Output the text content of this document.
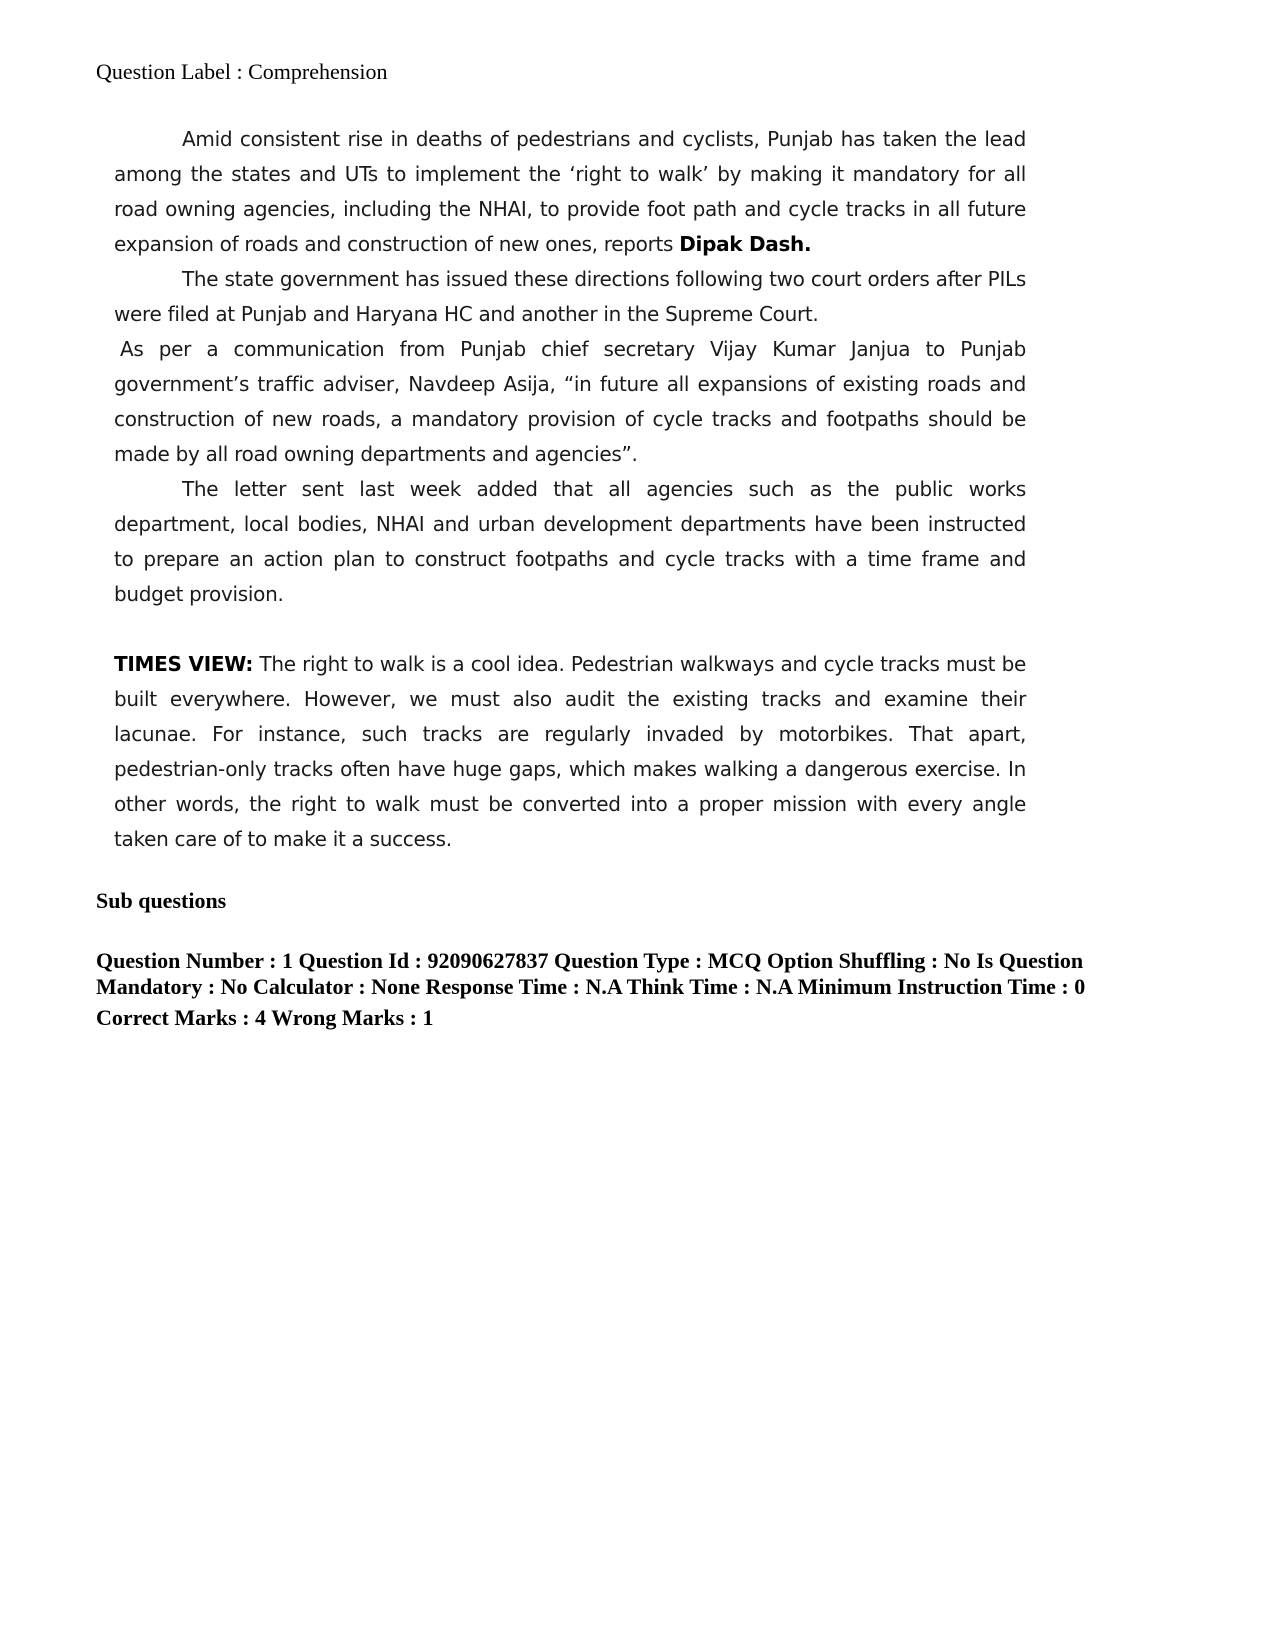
Question Label : Comprehension

Amid consistent rise in deaths of pedestrians and cyclists, Punjab has taken the lead among the states and UTs to implement the ‘right to walk’ by making it mandatory for all road owning agencies, including the NHAI, to provide foot path and cycle tracks in all future expansion of roads and construction of new ones, reports Dipak Dash.

The state government has issued these directions following two court orders after PILs were filed at Punjab and Haryana HC and another in the Supreme Court.

As per a communication from Punjab chief secretary Vijay Kumar Janjua to Punjab government’s traffic adviser, Navdeep Asija, “in future all expansions of existing roads and construction of new roads, a mandatory provision of cycle tracks and footpaths should be made by all road owning departments and agencies”.

The letter sent last week added that all agencies such as the public works department, local bodies, NHAI and urban development departments have been instructed to prepare an action plan to construct footpaths and cycle tracks with a time frame and budget provision.

TIMES VIEW: The right to walk is a cool idea. Pedestrian walkways and cycle tracks must be built everywhere. However, we must also audit the existing tracks and examine their lacunae. For instance, such tracks are regularly invaded by motorbikes. That apart, pedestrian-only tracks often have huge gaps, which makes walking a dangerous exercise. In other words, the right to walk must be converted into a proper mission with every angle taken care of to make it a success.

Sub questions
Question Number : 1 Question Id : 92090627837 Question Type : MCQ Option Shuffling : No Is Question
Mandatory : No Calculator : None Response Time : N.A Think Time : N.A Minimum Instruction Time : 0
Correct Marks : 4 Wrong Marks : 1
